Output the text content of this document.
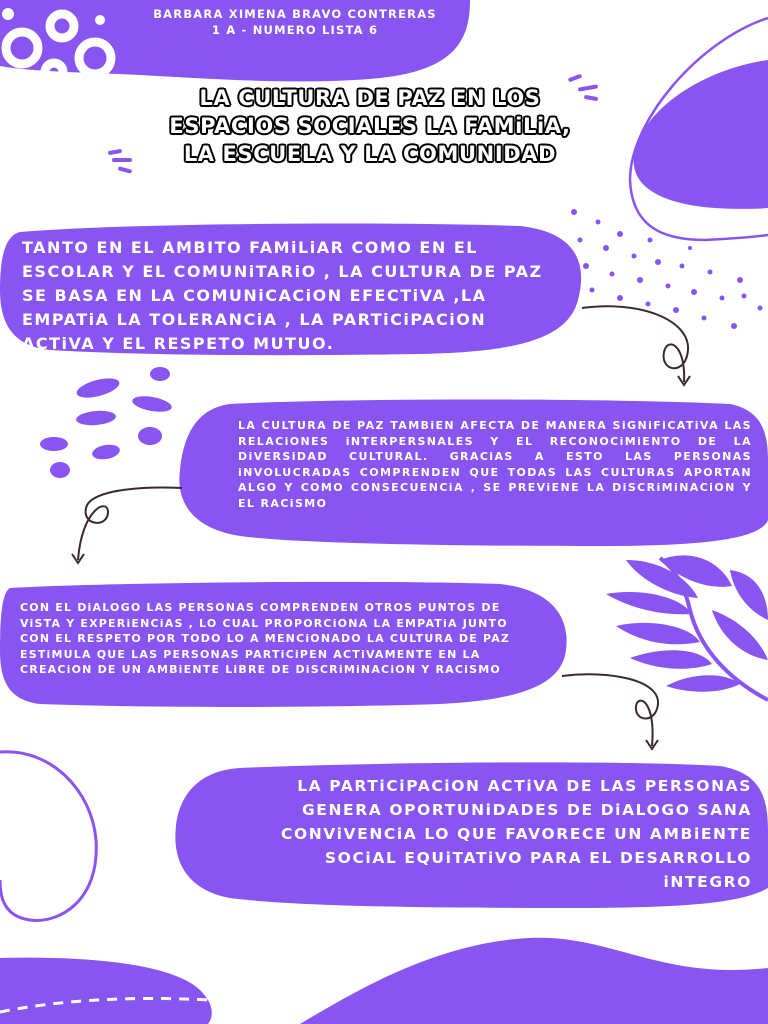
BARBARA XIMENA BRAVO CONTRERAS
1 A - NUMERO LISTA 6
LA CULTURA DE PAZ EN LOS
ESPACIOS SOCIALES LA FAMiLiA,
LA ESCUELA Y LA COMUNIDAD
TANTO EN EL AMBITO FAMiLiAR COMO EN EL ESCOLAR Y EL COMUNiTARiO , LA CULTURA DE PAZ SE BASA EN LA COMUNiCACiON EFECTiVA ,LA EMPATiA LA TOLERANCiA , LA PARTiCiPACiON ACTiVA Y EL RESPETO MUTUO.
LA CULTURA DE PAZ TAMBiEN AFECTA DE MANERA SiGNiFiCATiVA LAS RELACiONES iNTERPERSNALES Y EL RECONOCiMiENTO DE LA DiVERSiDAD CULTURAL. GRACiAS A ESTO LAS PERSONAS iNVOLUCRADAS COMPRENDEN QUE TODAS LAS CULTURAS APORTAN ALGO Y COMO CONSECUENCiA , SE PREViENE LA DiSCRiMiNACiON Y EL RACiSMO
CON EL DiALOGO LAS PERSONAS COMPRENDEN OTROS PUNTOS DE ViSTA Y EXPERiENCiAS , LO CUAL PROPORCiONA LA EMPATiA JUNTO CON EL RESPETO POR TODO LO A MENCiONADO LA CULTURA DE PAZ ESTiMULA QUE LAS PERSONAS PARTiCiPEN ACTiVAMENTE EN LA CREACiON DE UN AMBiENTE LiBRE DE DiSCRiMiNACiON Y RACiSMO
LA PARTiCiPACiON ACTiVA DE LAS PERSONAS GENERA OPORTUNiDADES DE DiALOGO SANA CONViVENCiA LO QUE FAVORECE UN AMBiENTE SOCiAL EQUiTATiVO PARA EL DESARROLLO iNTEGRO
